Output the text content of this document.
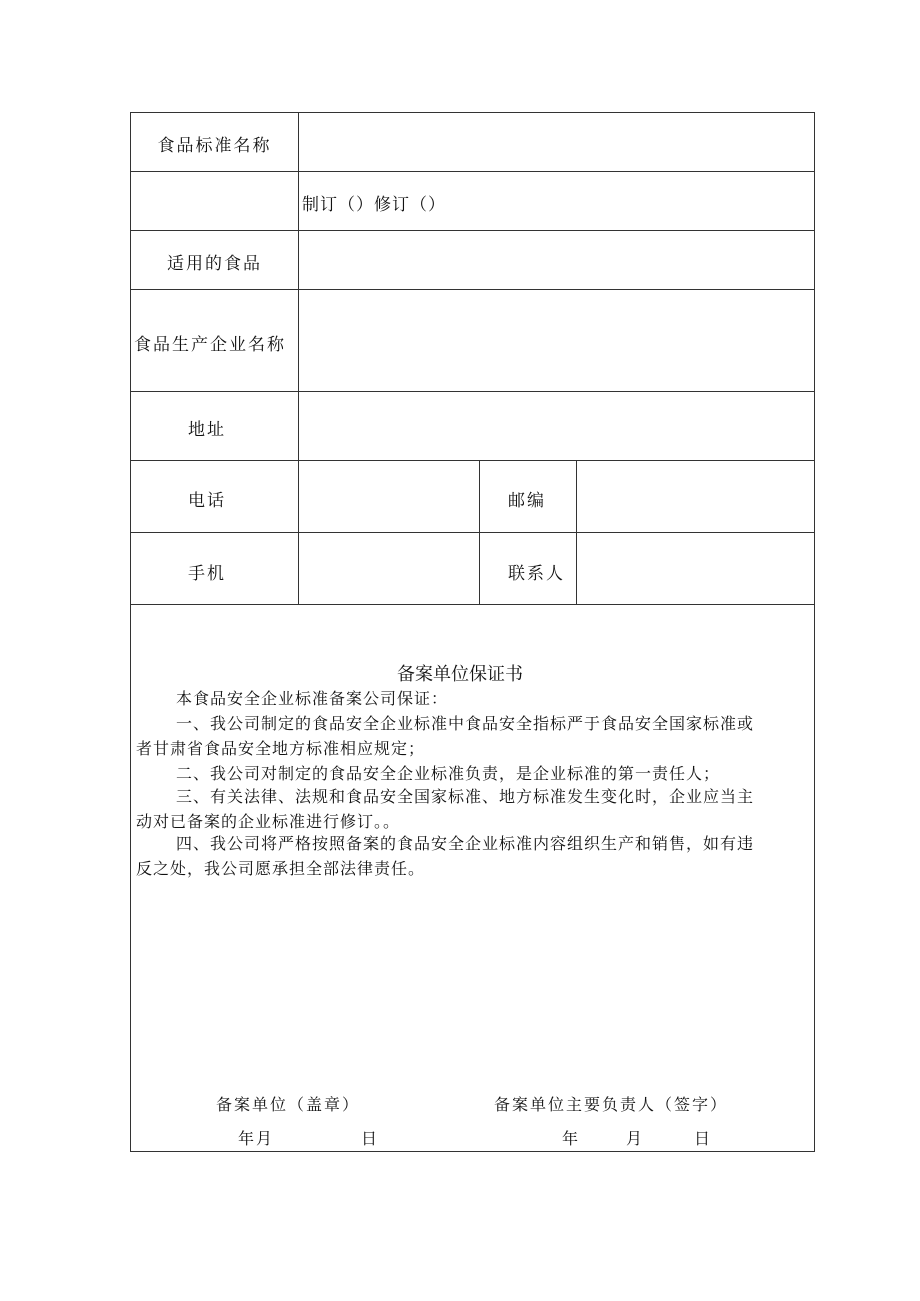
食品标准名称
制订（）修订（）
适用的食品
食品生产企业名称
地址
电话	邮编
手机	联系人
备案单位保证书
本食品安全企业标准备案公司保证：
一、我公司制定的食品安全企业标准中食品安全指标严于食品安全国家标准或
者甘肃省食品安全地方标准相应规定；
二、我公司对制定的食品安全企业标准负责，是企业标准的第一责任人；
三、有关法律、法规和食品安全国家标准、地方标准发生变化时，企业应当主
动对已备案的企业标准进行修订。。
四、我公司将严格按照备案的食品安全企业标准内容组织生产和销售，如有违
反之处，我公司愿承担全部法律责任。
备案单位（盖章）	备案单位主要负责人（签字）
年月	日	年	月	日
